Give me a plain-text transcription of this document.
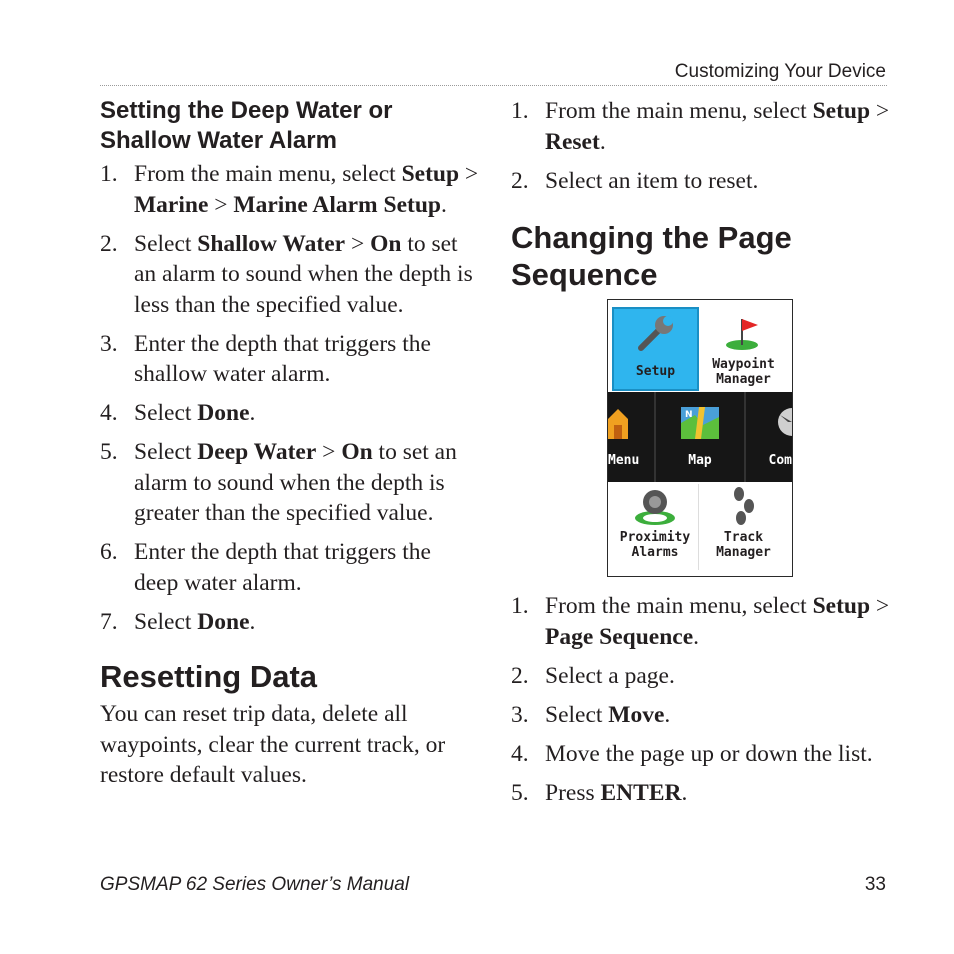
Customizing Your Device
Setting the Deep Water or
Shallow Water Alarm
1. From the main menu, select Setup > Marine > Marine Alarm Setup.
2. Select Shallow Water > On to set an alarm to sound when the depth is less than the specified value.
3. Enter the depth that triggers the shallow water alarm.
4. Select Done.
5. Select Deep Water > On to set an alarm to sound when the depth is greater than the specified value.
6. Enter the depth that triggers the deep water alarm.
7. Select Done.
Resetting Data

You can reset trip data, delete all waypoints, clear the current track, or restore default values.

1. From the main menu, select Setup > Reset.
2. Select an item to reset.
Changing the Page
Sequence
Setup	Waypoint
Manager
Menu
N
Map	Com
Proximity
Alarms
Track
Manager
1. From the main menu, select Setup > Page Sequence.
2. Select a page.
3. Select Move.
4. Move the page up or down the list.
5. Press ENTER.
GPSMAP 62 Series Owner’s Manual	33
